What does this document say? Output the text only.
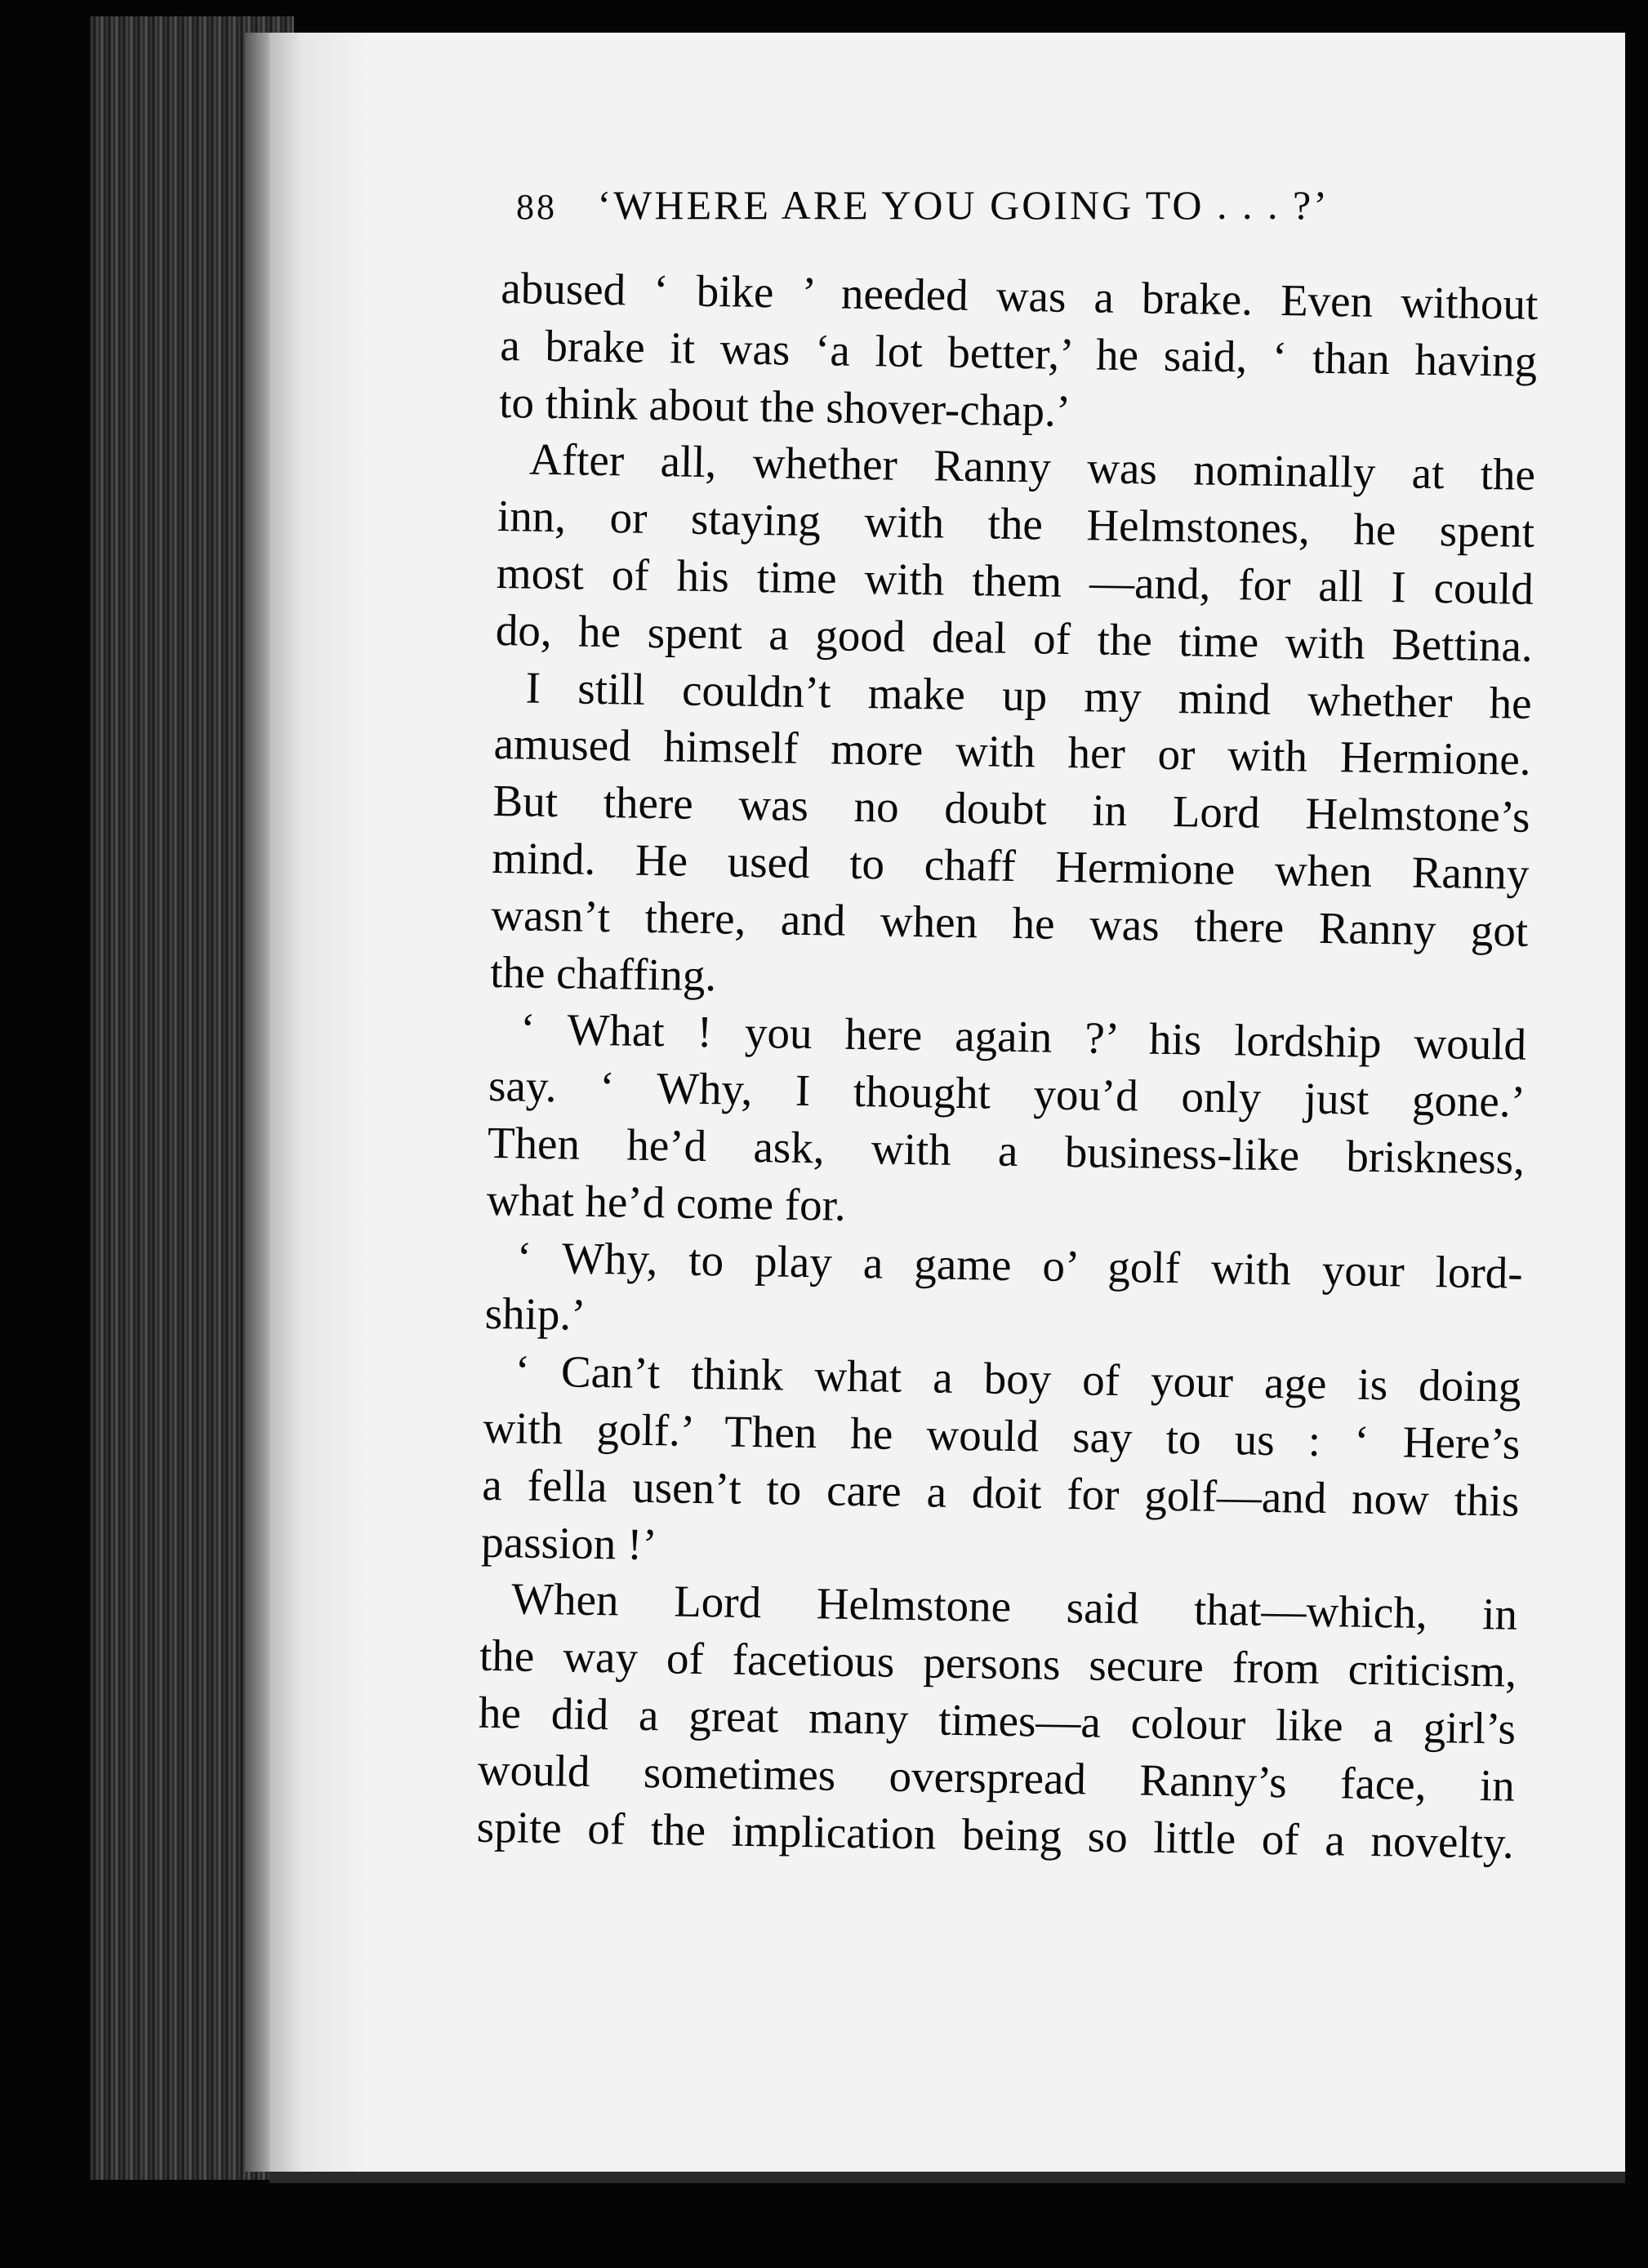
88 ‘WHERE ARE YOU GOING TO . . . ?’
abused ‘ bike ’ needed was a brake. Even without
a brake it was ‘a lot better,’ he said, ‘ than having
to think about the shover-chap.’
After all, whether Ranny was nominally at the
inn, or staying with the Helmstones, he spent
most of his time with them —and, for all I could
do, he spent a good deal of the time with Bettina.
I still couldn’t make up my mind whether he
amused himself more with her or with Hermione.
But there was no doubt in Lord Helmstone’s
mind. He used to chaff Hermione when Ranny
wasn’t there, and when he was there Ranny got
the chaffing.
‘ What ! you here again ?’ his lordship would
say. ‘ Why, I thought you’d only just gone.’
Then he’d ask, with a business-like briskness,
what he’d come for.
‘ Why, to play a game o’ golf with your lord-
ship.’
‘ Can’t think what a boy of your age is doing
with golf.’ Then he would say to us : ‘ Here’s
a fella usen’t to care a doit for golf—and now this
passion !’
When Lord Helmstone said that—which, in
the way of facetious persons secure from criticism,
he did a great many times—a colour like a girl’s
would sometimes overspread Ranny’s face, in
spite of the implication being so little of a novelty.
